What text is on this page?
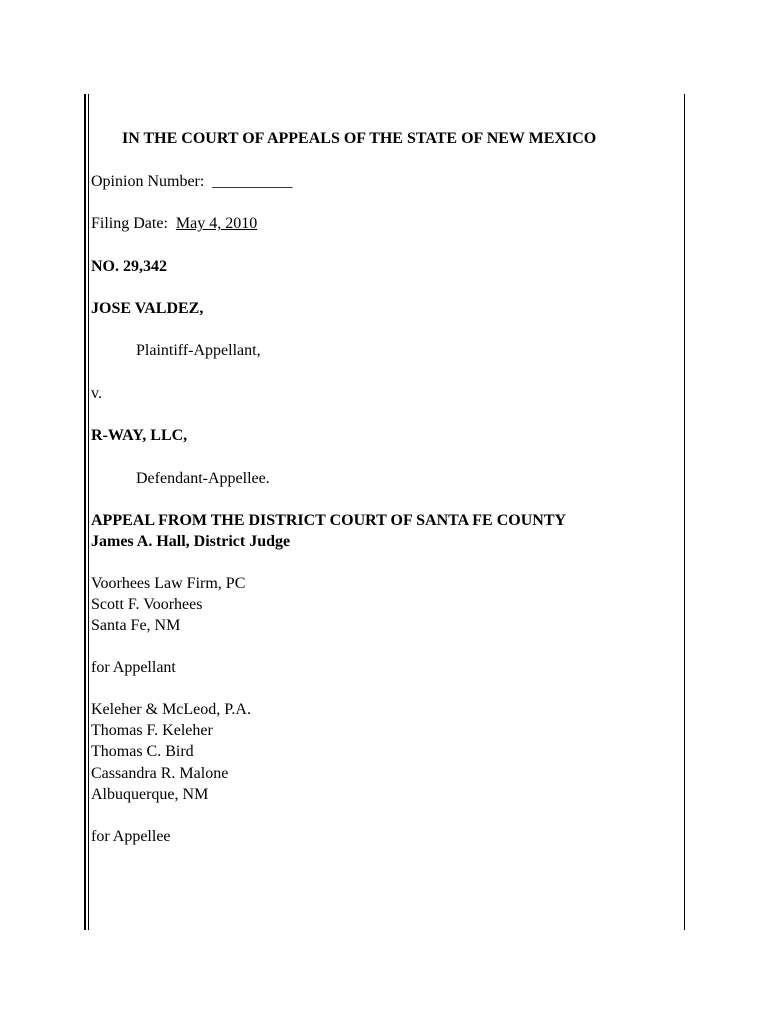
IN THE COURT OF APPEALS OF THE STATE OF NEW MEXICO
Opinion Number: __________
Filing Date: May 4, 2010
NO. 29,342
JOSE VALDEZ,
Plaintiff-Appellant,
v.
R-WAY, LLC,
Defendant-Appellee.
APPEAL FROM THE DISTRICT COURT OF SANTA FE COUNTY
James A. Hall, District Judge
Voorhees Law Firm, PC
Scott F. Voorhees
Santa Fe, NM
for Appellant
Keleher & McLeod, P.A.
Thomas F. Keleher
Thomas C. Bird
Cassandra R. Malone
Albuquerque, NM
for Appellee
